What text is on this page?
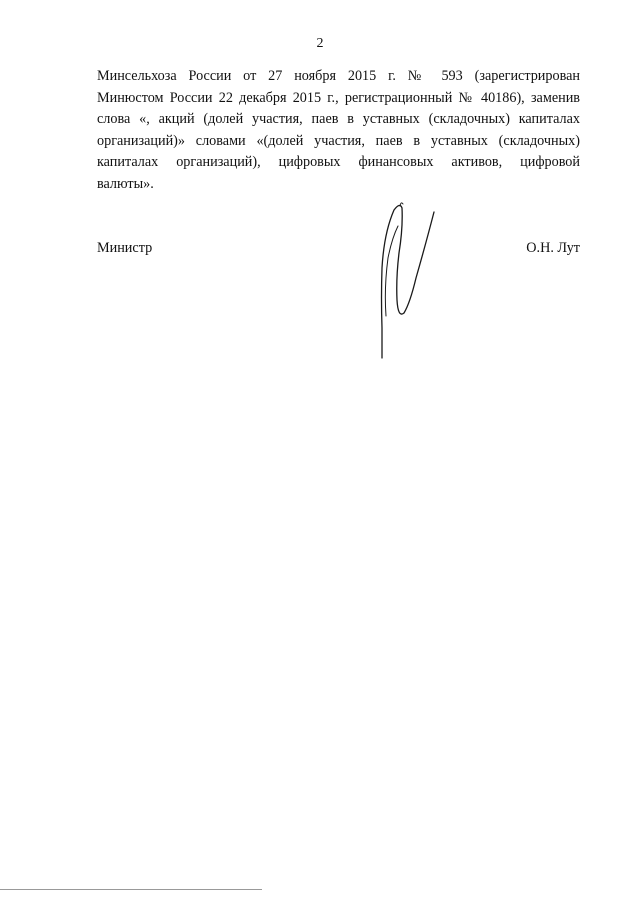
2
Минсельхоза России от 27 ноября 2015 г. № 593 (зарегистрирован
Минюстом России 22 декабря 2015 г., регистрационный № 40186), заменив
слова «, акций (долей участия, паев в уставных (складочных) капиталах
организаций)» словами «(долей участия, паев в уставных (складочных)
капиталах организаций), цифровых финансовых активов, цифровой
валюты».
Министр	О.Н. Лут
